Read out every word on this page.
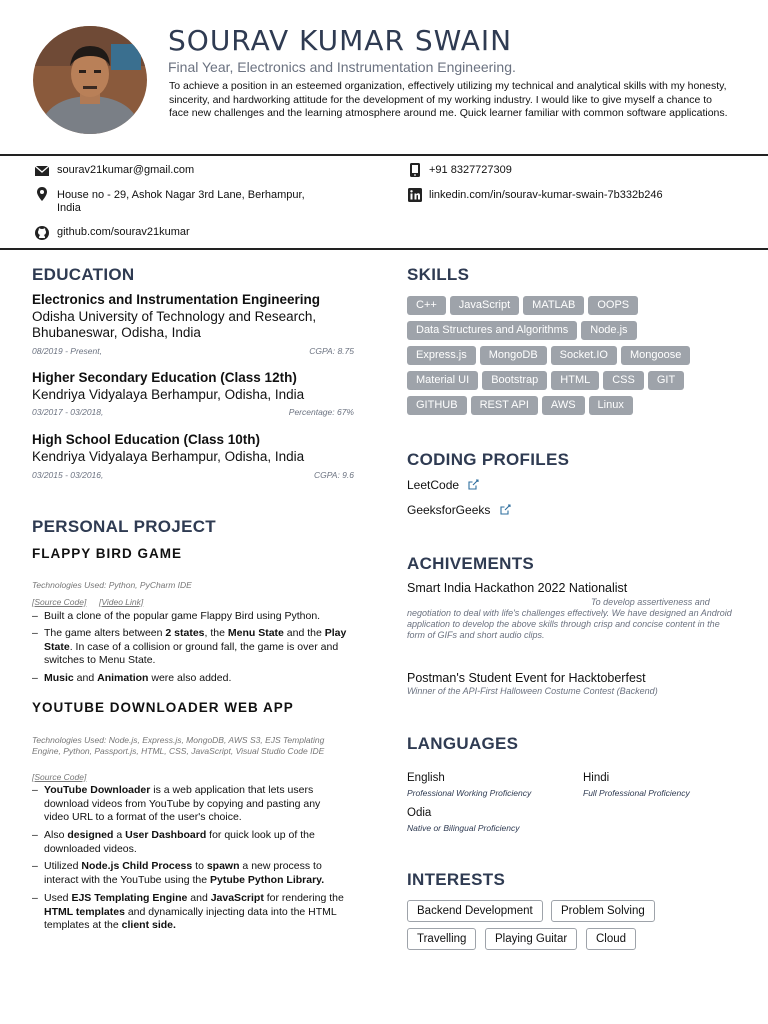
SOURAV KUMAR SWAIN
Final Year, Electronics and Instrumentation Engineering.
To achieve a position in an esteemed organization, effectively utilizing my technical and analytical skills with my honesty, sincerity, and hardworking attitude for the development of my working industry. I would like to give myself a chance to face new challenges and the learning atmosphere around me. Quick learner familiar with common software applications.
sourav21kumar@gmail.com	+91 8327727309
House no - 29, Ashok Nagar 3rd Lane, Berhampur,
India
linkedin.com/in/sourav-kumar-swain-7b332b246
github.com/sourav21kumar
EDUCATION
Electronics and Instrumentation Engineering
Odisha University of Technology and Research, Bhubaneswar, Odisha, India
08/2019 - Present,	CGPA: 8.75
Higher Secondary Education (Class 12th)
Kendriya Vidyalaya Berhampur, Odisha, India
03/2017 - 03/2018,	Percentage: 67%
High School Education (Class 10th)
Kendriya Vidyalaya Berhampur, Odisha, India
03/2015 - 03/2016,	CGPA: 9.6
PERSONAL PROJECT
FLAPPY BIRD GAME
Technologies Used: Python, PyCharm IDE
[Source Code] [Video Link]
– Built a clone of the popular game Flappy Bird using Python.
– The game alters between 2 states, the Menu State and the Play State. In case of a collision or ground fall, the game is over and switches to Menu State.
– Music and Animation were also added.
YOUTUBE DOWNLOADER WEB APP
Technologies Used: Node.js, Express.js, MongoDB, AWS S3, EJS Templating Engine, Python, Passport.js, HTML, CSS, JavaScript, Visual Studio Code IDE
[Source Code]
– YouTube Downloader is a web application that lets users download videos from YouTube by copying and pasting any video URL to a format of the user's choice.
– Also designed a User Dashboard for quick look up of the downloaded videos.
– Utilized Node.js Child Process to spawn a new process to interact with the YouTube using the Pytube Python Library.
– Used EJS Templating Engine and JavaScript for rendering the HTML templates and dynamically injecting data into the HTML templates at the client side.
SKILLS
C++ JavaScript MATLAB OOPS
Data Structures and Algorithms Node.js
Express.js MongoDB Socket.IO Mongoose
Material UI Bootstrap HTML CSS GIT
GITHUB REST API AWS Linux
CODING PROFILES
LeetCode
GeeksforGeeks
ACHIVEMENTS
Smart India Hackathon 2022 Nationalist
To develop assertiveness and negotiation to deal with life's challenges effectively. We have designed an Android application to develop the above skills through crisp and concise content in the form of GIFs and short audio clips.
Postman's Student Event for Hacktoberfest
Winner of the API-First Halloween Costume Contest (Backend)
LANGUAGES
English
Professional Working Proficiency
Hindi
Full Professional Proficiency
Odia
Native or Bilingual Proficiency
INTERESTS
Backend Development	Problem Solving
Travelling	Playing Guitar	Cloud
